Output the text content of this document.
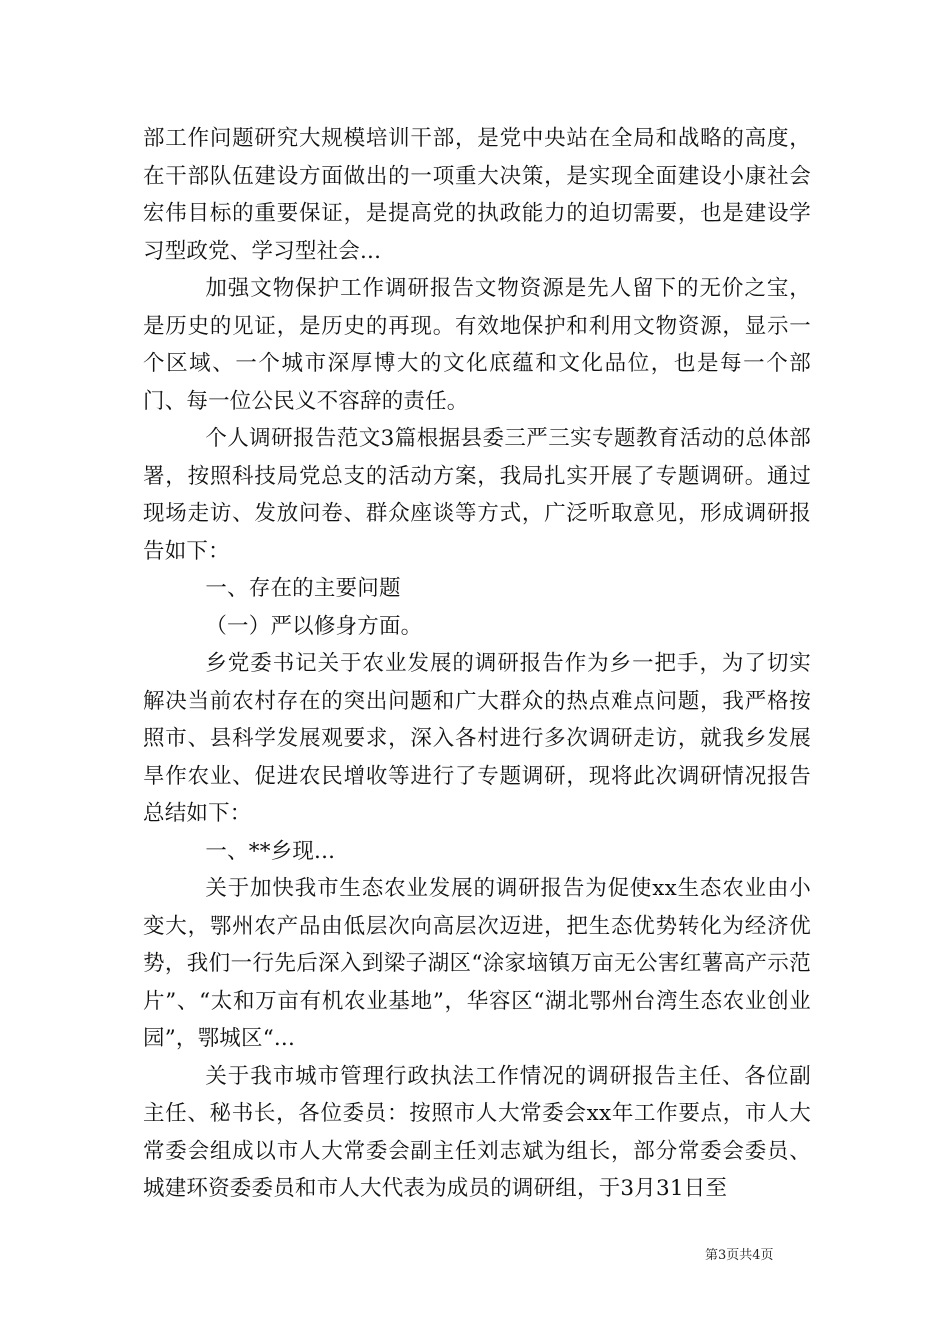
部工作问题研究大规模培训干部，是党中央站在全局和战略的高度，在干部队伍建设方面做出的一项重大决策，是实现全面建设小康社会宏伟目标的重要保证，是提高党的执政能力的迫切需要，也是建设学习型政党、学习型社会...

加强文物保护工作调研报告文物资源是先人留下的无价之宝，是历史的见证，是历史的再现。有效地保护和利用文物资源，显示一个区域、一个城市深厚博大的文化底蕴和文化品位，也是每一个部门、每一位公民义不容辞的责任。

个人调研报告范文3篇根据县委三严三实专题教育活动的总体部署，按照科技局党总支的活动方案，我局扎实开展了专题调研。通过现场走访、发放问卷、群众座谈等方式，广泛听取意见，形成调研报告如下：

一、存在的主要问题

（一）严以修身方面。

乡党委书记关于农业发展的调研报告作为乡一把手，为了切实解决当前农村存在的突出问题和广大群众的热点难点问题，我严格按照市、县科学发展观要求，深入各村进行多次调研走访，就我乡发展旱作农业、促进农民增收等进行了专题调研，现将此次调研情况报告总结如下：

一、**乡现...

关于加快我市生态农业发展的调研报告为促使xx生态农业由小变大，鄂州农产品由低层次向高层次迈进，把生态优势转化为经济优势，我们一行先后深入到梁子湖区“涂家垴镇万亩无公害红薯高产示范片”、“太和万亩有机农业基地”，华容区“湖北鄂州台湾生态农业创业园”，鄂城区“...

关于我市城市管理行政执法工作情况的调研报告主任、各位副主任、秘书长，各位委员：按照市人大常委会xx年工作要点，市人大常委会组成以市人大常委会副主任刘志斌为组长，部分常委会委员、城建环资委委员和市人大代表为成员的调研组，于3月31日至

第3页共4页
